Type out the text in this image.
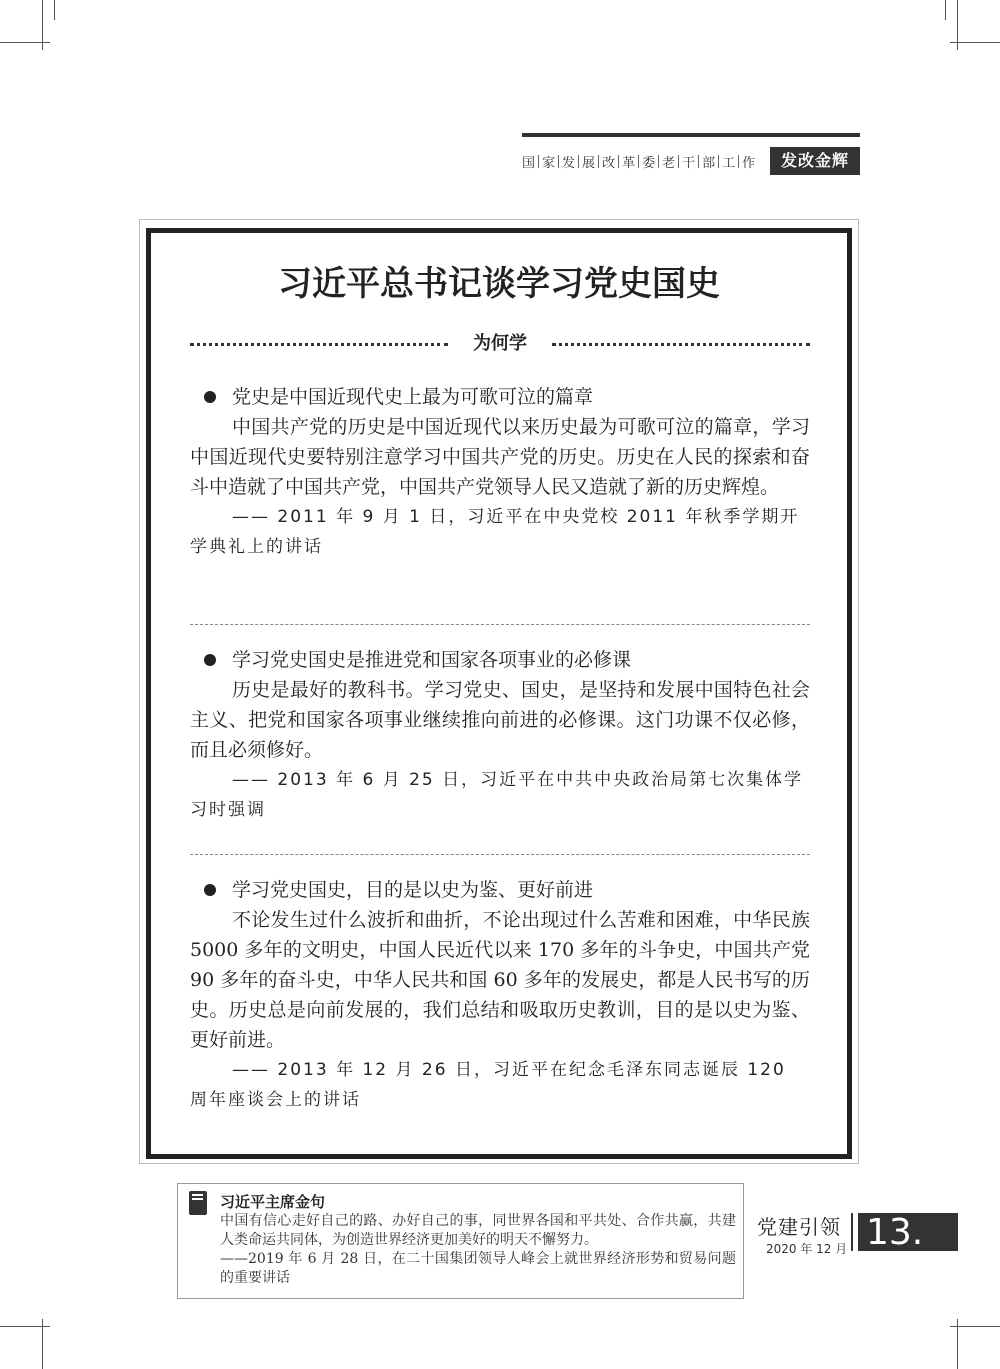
国 家 发 展 改 革 委 老 干 部 工 作	发改金辉
习近平总书记谈学习党史国史
为何学
党史是中国近现代史上最为可歌可泣的篇章
中国共产党的历史是中国近现代以来历史最为可歌可泣的篇章，学习中国近现代史要特别注意学习中国共产党的历史。历史在人民的探索和奋斗中造就了中国共产党，中国共产党领导人民又造就了新的历史辉煌。
—— 2011 年 9 月 1 日，习近平在中央党校 2011 年秋季学期开学典礼上的讲话
学习党史国史是推进党和国家各项事业的必修课
历史是最好的教科书。学习党史、国史，是坚持和发展中国特色社会主义、把党和国家各项事业继续推向前进的必修课。这门功课不仅必修，而且必须修好。
—— 2013 年 6 月 25 日，习近平在中共中央政治局第七次集体学习时强调
学习党史国史，目的是以史为鉴、更好前进
不论发生过什么波折和曲折，不论出现过什么苦难和困难，中华民族 5000 多年的文明史，中国人民近代以来 170 多年的斗争史，中国共产党 90 多年的奋斗史，中华人民共和国 60 多年的发展史，都是人民书写的历史。历史总是向前发展的，我们总结和吸取历史教训，目的是以史为鉴、更好前进。
—— 2013 年 12 月 26 日，习近平在纪念毛泽东同志诞辰 120 周年座谈会上的讲话
习近平主席金句
中国有信心走好自己的路、办好自己的事，同世界各国和平共处、合作共赢，共建人类命运共同体，为创造世界经济更加美好的明天不懈努力。
——2019 年 6 月 28 日，在二十国集团领导人峰会上就世界经济形势和贸易问题的重要讲话
党建引领
2020 年 12 月 13.
